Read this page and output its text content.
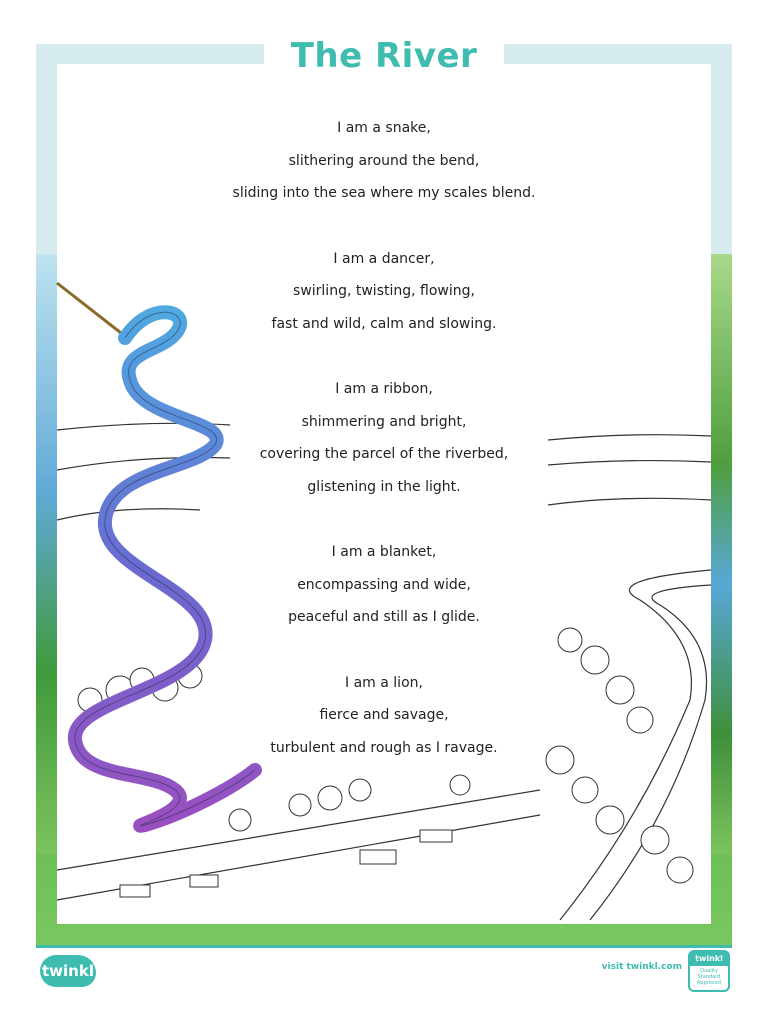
The River
I am a snake,
slithering around the bend,
sliding into the sea where my scales blend.
I am a dancer,
swirling, twisting, flowing,
fast and wild, calm and slowing.
I am a ribbon,
shimmering and bright,
covering the parcel of the riverbed,
glistening in the light.
I am a blanket,
encompassing and wide,
peaceful and still as I glide.
I am a lion,
fierce and savage,
turbulent and rough as I ravage.
twinkl	visit twinkl.com
twinkl
Quality Standard Approved
